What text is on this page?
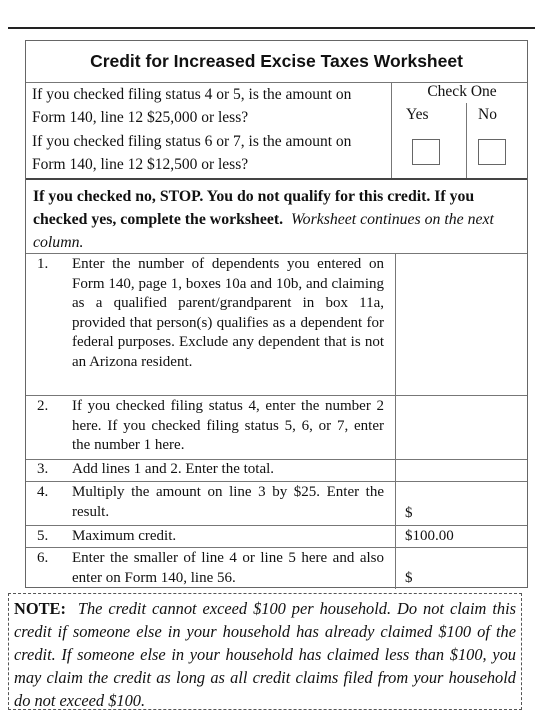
Credit for Increased Excise Taxes Worksheet
If you checked filing status 4 or 5, is the amount on Form 140, line 12 $25,000 or less?
If you checked filing status 6 or 7, is the amount on Form 140, line 12 $12,500 or less?
Check One
Yes	No
If you checked no, STOP. You do not qualify for this credit. If you checked yes, complete the worksheet. Worksheet continues on the next column.
1. Enter the number of dependents you entered on Form 140, page 1, boxes 10a and 10b, and claiming as a qualified parent/grandparent in box 11a, provided that person(s) qualifies as a dependent for federal purposes. Exclude any dependent that is not an Arizona resident.
2. If you checked filing status 4, enter the number 2 here. If you checked filing status 5, 6, or 7, enter the number 1 here.
3. Add lines 1 and 2. Enter the total.
4. Multiply the amount on line 3 by $25. Enter the result.	$
5. Maximum credit.	$100.00
6. Enter the smaller of line 4 or line 5 here and also enter on Form 140, line 56.	$
NOTE: The credit cannot exceed $100 per household. Do not claim this credit if someone else in your household has already claimed $100 of the credit. If someone else in your household has claimed less than $100, you may claim the credit as long as all credit claims filed from your household do not exceed $100.
